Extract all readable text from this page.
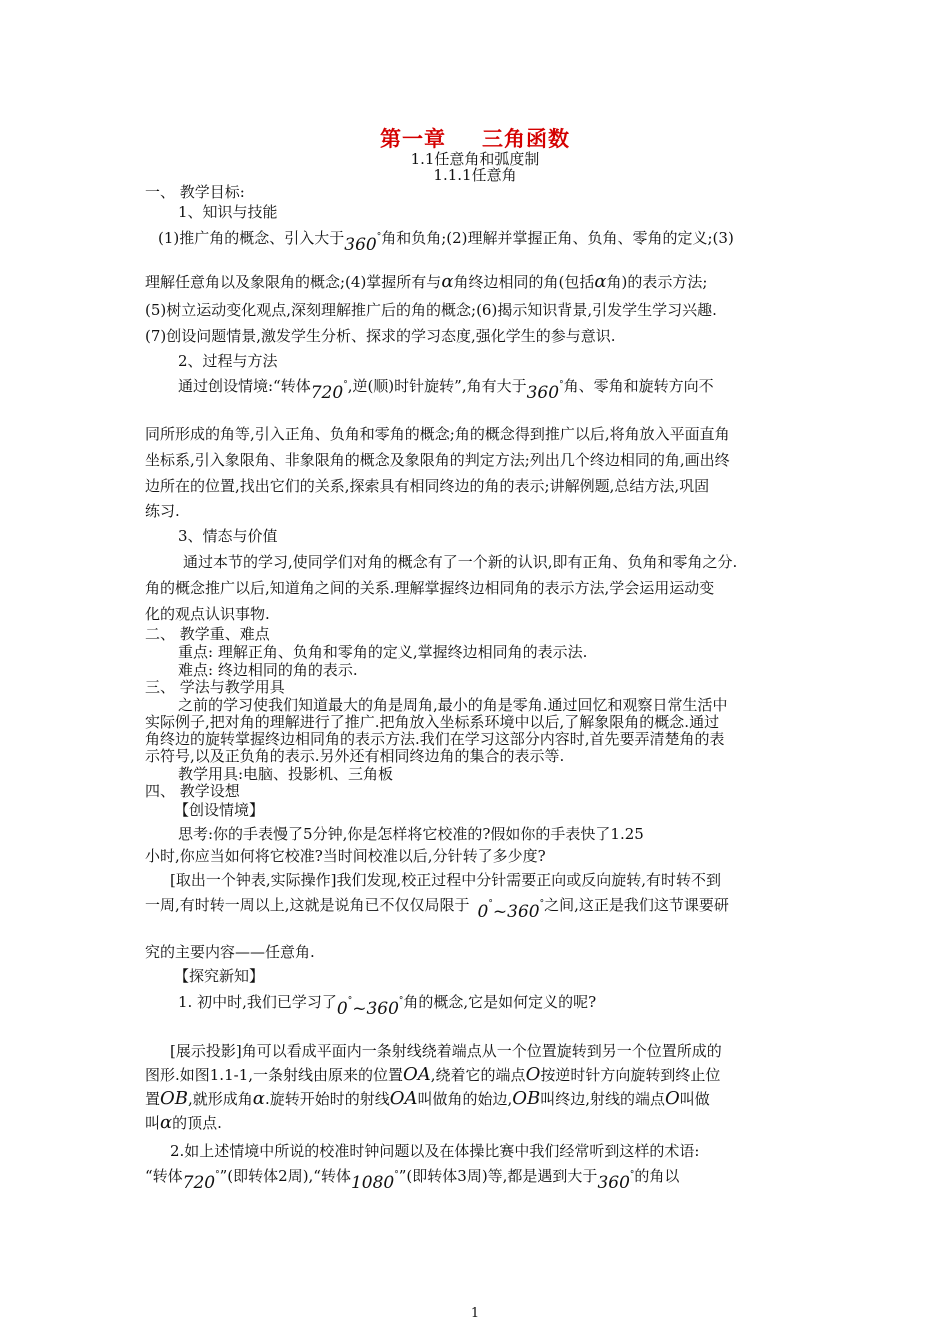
第一章 三角函数
1.1任意角和弧度制
1.1.1任意角
一、 教学目标:
1、知识与技能
(1)推广角的概念、引入大于360°角和负角;(2)理解并掌握正角、负角、零角的定义;(3)
理解任意角以及象限角的概念;(4)掌握所有与α角终边相同的角(包括α角)的表示方法;
(5)树立运动变化观点,深刻理解推广后的角的概念;(6)揭示知识背景,引发学生学习兴趣.
(7)创设问题情景,激发学生分析、探求的学习态度,强化学生的参与意识.
2、过程与方法
通过创设情境:“转体720°,逆(顺)时针旋转”,角有大于360°角、零角和旋转方向不
同所形成的角等,引入正角、负角和零角的概念;角的概念得到推广以后,将角放入平面直角
坐标系,引入象限角、非象限角的概念及象限角的判定方法;列出几个终边相同的角,画出终
边所在的位置,找出它们的关系,探索具有相同终边的角的表示;讲解例题,总结方法,巩固
练习.
3、情态与价值
通过本节的学习,使同学们对角的概念有了一个新的认识,即有正角、负角和零角之分.
角的概念推广以后,知道角之间的关系.理解掌握终边相同角的表示方法,学会运用运动变
化的观点认识事物.
二、 教学重、难点
重点: 理解正角、负角和零角的定义,掌握终边相同角的表示法.
难点: 终边相同的角的表示.
三、 学法与教学用具
之前的学习使我们知道最大的角是周角,最小的角是零角.通过回忆和观察日常生活中
实际例子,把对角的理解进行了推广.把角放入坐标系环境中以后,了解象限角的概念.通过
角终边的旋转掌握终边相同角的表示方法.我们在学习这部分内容时,首先要弄清楚角的表
示符号,以及正负角的表示.另外还有相同终边角的集合的表示等.
教学用具:电脑、投影机、三角板
四、 教学设想
【创设情境】
思考:你的手表慢了5分钟,你是怎样将它校准的?假如你的手表快了1.25
小时,你应当如何将它校准?当时间校准以后,分针转了多少度?
[取出一个钟表,实际操作]我们发现,校正过程中分针需要正向或反向旋转,有时转不到
一周,有时转一周以上,这就是说角已不仅仅局限于 0°~360°之间,这正是我们这节课要研
究的主要内容——任意角.
【探究新知】
1. 初中时,我们已学习了0°~360°角的概念,它是如何定义的呢?
[展示投影]角可以看成平面内一条射线绕着端点从一个位置旋转到另一个位置所成的
图形.如图1.1-1,一条射线由原来的位置OA,绕着它的端点O按逆时针方向旋转到终止位
置OB,就形成角α.旋转开始时的射线OA叫做角的始边,OB叫终边,射线的端点O叫做
叫α的顶点.
2.如上述情境中所说的校准时钟问题以及在体操比赛中我们经常听到这样的术语:
“转体720°”(即转体2周),“转体1080°”(即转体3周)等,都是遇到大于360°的角以
1
